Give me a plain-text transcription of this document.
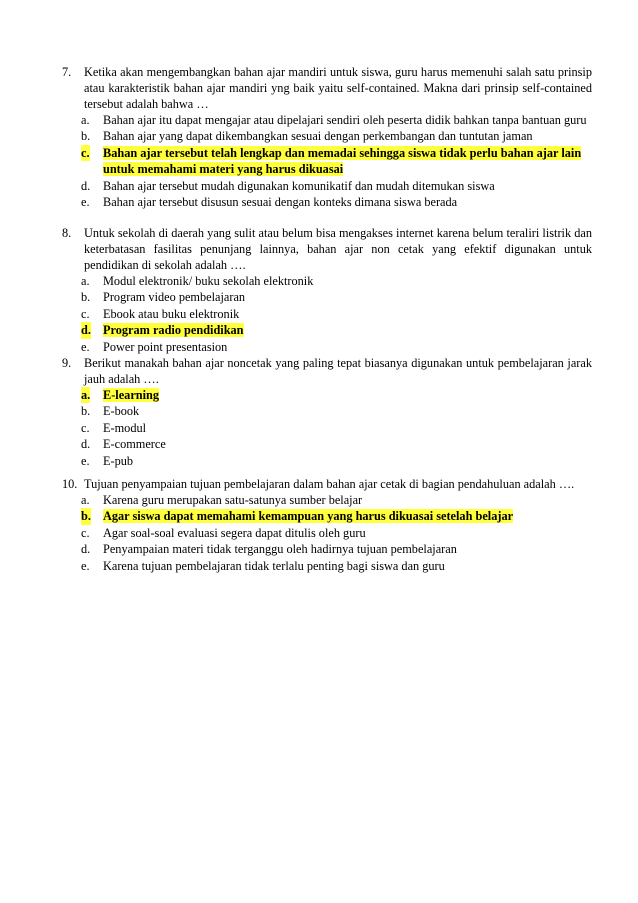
7. Ketika akan mengembangkan bahan ajar mandiri untuk siswa, guru harus memenuhi salah satu prinsip atau karakteristik bahan ajar mandiri yng baik yaitu self-contained. Makna dari prinsip self-contained tersebut adalah bahwa …
a. Bahan ajar itu dapat mengajar atau dipelajari sendiri oleh peserta didik bahkan tanpa bantuan guru
b. Bahan ajar yang dapat dikembangkan sesuai dengan perkembangan dan tuntutan jaman
c. Bahan ajar tersebut telah lengkap dan memadai sehingga siswa tidak perlu bahan ajar lain untuk memahami materi yang harus dikuasai
d. Bahan ajar tersebut mudah digunakan komunikatif dan mudah ditemukan siswa
e. Bahan ajar tersebut disusun sesuai dengan konteks dimana siswa berada
8. Untuk sekolah di daerah yang sulit atau belum bisa mengakses internet karena belum teraliri listrik dan keterbatasan fasilitas penunjang lainnya, bahan ajar non cetak yang efektif digunakan untuk pendidikan di sekolah adalah ….
a. Modul elektronik/ buku sekolah elektronik
b. Program video pembelajaran
c. Ebook atau buku elektronik
d. Program radio pendidikan
e. Power point presentasion
9. Berikut manakah bahan ajar noncetak yang paling tepat biasanya digunakan untuk pembelajaran jarak jauh adalah ….
a. E-learning
b. E-book
c. E-modul
d. E-commerce
e. E-pub
10. Tujuan penyampaian tujuan pembelajaran dalam bahan ajar cetak di bagian pendahuluan adalah ….
a. Karena guru merupakan satu-satunya sumber belajar
b. Agar siswa dapat memahami kemampuan yang harus dikuasai setelah belajar
c. Agar soal-soal evaluasi segera dapat ditulis oleh guru
d. Penyampaian materi tidak terganggu oleh hadirnya tujuan pembelajaran
e. Karena tujuan pembelajaran tidak terlalu penting bagi siswa dan guru
